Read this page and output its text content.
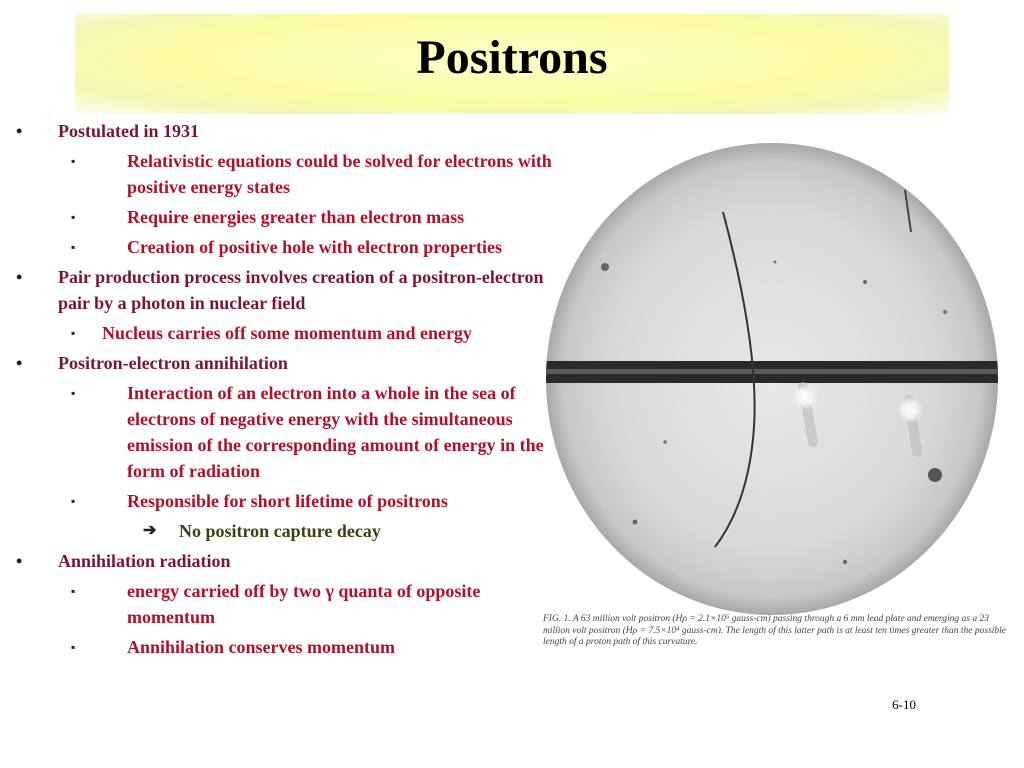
Positrons
• Postulated in 1931
▪	Relativistic equations could be solved for electrons with positive energy states
▪	Require energies greater than electron mass
▪	Creation of positive hole with electron properties
• Pair production process involves creation of a positron-electron pair by a photon in nuclear field
▪ Nucleus carries off some momentum and energy
• Positron-electron annihilation
▪	Interaction of an electron into a whole in the sea of electrons of negative energy with the simultaneous emission of the corresponding amount of energy in the form of radiation
▪	Responsible for short lifetime of positrons
➔ No positron capture decay
• Annihilation radiation
▪	energy carried off by two γ quanta of opposite momentum
▪	Annihilation conserves momentum
FIG. 1. A 63 million volt positron (Hρ = 2.1×10⁵ gauss-cm) passing through a 6 mm lead plate and emerging as a 23 million volt positron (Hρ = 7.5×10⁴ gauss-cm). The length of this latter path is at least ten times greater than the possible length of a proton path of this curvature.
6-10
